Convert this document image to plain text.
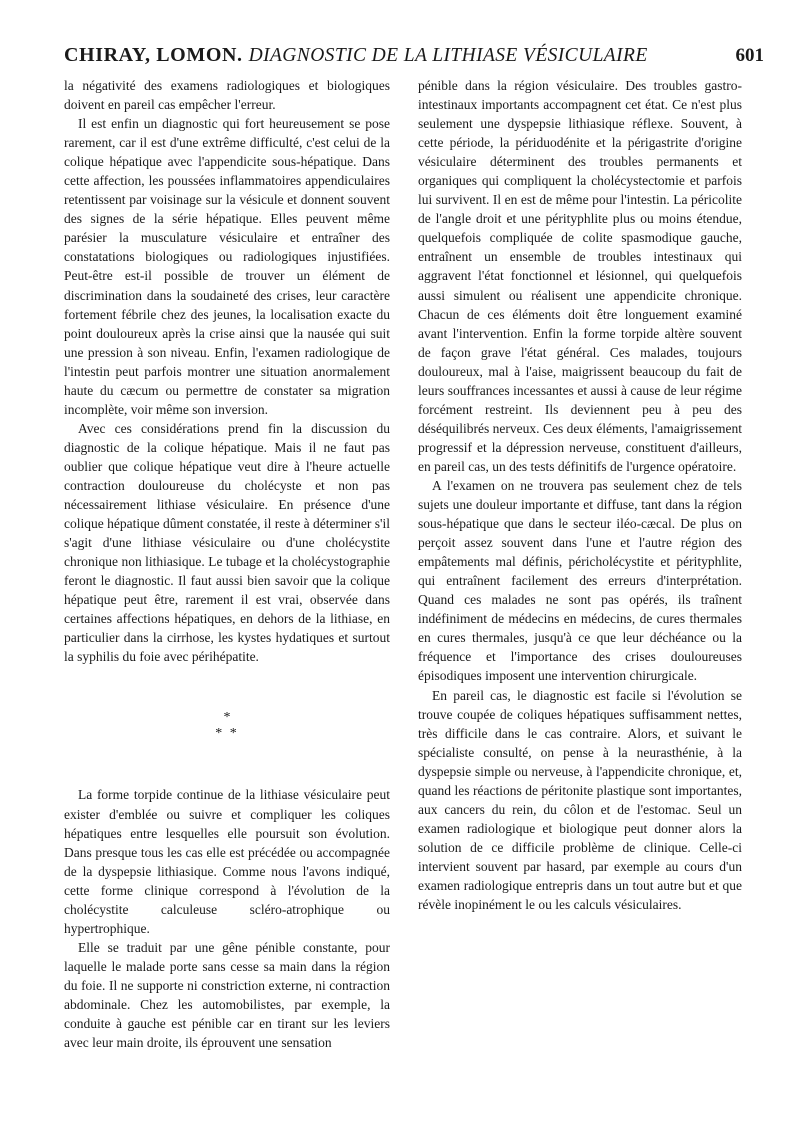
CHIRAY, LOMON. DIAGNOSTIC DE LA LITHIASE VÉSICULAIRE	601

la négativité des examens radiologiques et biologiques doivent en pareil cas empêcher l'erreur.

Il est enfin un diagnostic qui fort heureusement se pose rarement, car il est d'une extrême difficulté, c'est celui de la colique hépatique avec l'appendicite sous-hépatique. Dans cette affection, les poussées inflammatoires appendiculaires retentissent par voisinage sur la vésicule et donnent souvent des signes de la série hépatique. Elles peuvent même parésier la musculature vésiculaire et entraîner des constatations biologiques ou radiologiques injustifiées. Peut-être est-il possible de trouver un élément de discrimination dans la soudaineté des crises, leur caractère fortement fébrile chez des jeunes, la localisation exacte du point douloureux après la crise ainsi que la nausée qui suit une pression à son niveau. Enfin, l'examen radiologique de l'intestin peut parfois montrer une situation anormalement haute du cæcum ou permettre de constater sa migration incomplète, voir même son inversion.

Avec ces considérations prend fin la discussion du diagnostic de la colique hépatique. Mais il ne faut pas oublier que colique hépatique veut dire à l'heure actuelle contraction douloureuse du cholécyste et non pas nécessairement lithiase vésiculaire. En présence d'une colique hépatique dûment constatée, il reste à déterminer s'il s'agit d'une lithiase vésiculaire ou d'une cholécystite chronique non lithiasique. Le tubage et la cholécystographie feront le diagnostic. Il faut aussi bien savoir que la colique hépatique peut être, rarement il est vrai, observée dans certaines affections hépatiques, en dehors de la lithiase, en particulier dans la cirrhose, les kystes hydatiques et surtout la syphilis du foie avec périhépatite.

*
* *

La forme torpide continue de la lithiase vésiculaire peut exister d'emblée ou suivre et compliquer les coliques hépatiques entre lesquelles elle poursuit son évolution. Dans presque tous les cas elle est précédée ou accompagnée de la dyspepsie lithiasique. Comme nous l'avons indiqué, cette forme clinique correspond à l'évolution de la cholécystite calculeuse scléro-atrophique ou hypertrophique.

Elle se traduit par une gêne pénible constante, pour laquelle le malade porte sans cesse sa main dans la région du foie. Il ne supporte ni constriction externe, ni contraction abdominale. Chez les automobilistes, par exemple, la conduite à gauche est pénible car en tirant sur les leviers avec leur main droite, ils éprouvent une sensation

pénible dans la région vésiculaire. Des troubles gastro-intestinaux importants accompagnent cet état. Ce n'est plus seulement une dyspepsie lithiasique réflexe. Souvent, à cette période, la périduodénite et la périgastrite d'origine vésiculaire déterminent des troubles permanents et organiques qui compliquent la cholécystectomie et parfois lui survivent. Il en est de même pour l'intestin. La péricolite de l'angle droit et une pérityphlite plus ou moins étendue, quelquefois compliquée de colite spasmodique gauche, entraînent un ensemble de troubles intestinaux qui aggravent l'état fonctionnel et lésionnel, qui quelquefois aussi simulent ou réalisent une appendicite chronique. Chacun de ces éléments doit être longuement examiné avant l'intervention. Enfin la forme torpide altère souvent de façon grave l'état général. Ces malades, toujours douloureux, mal à l'aise, maigrissent beaucoup du fait de leurs souffrances incessantes et aussi à cause de leur régime forcément restreint. Ils deviennent peu à peu des déséquilibrés nerveux. Ces deux éléments, l'amaigrissement progressif et la dépression nerveuse, constituent d'ailleurs, en pareil cas, un des tests définitifs de l'urgence opératoire.

A l'examen on ne trouvera pas seulement chez de tels sujets une douleur importante et diffuse, tant dans la région sous-hépatique que dans le secteur iléo-cæcal. De plus on perçoit assez souvent dans l'une et l'autre région des empâtements mal définis, péricholécystite et pérityphlite, qui entraînent facilement des erreurs d'interprétation. Quand ces malades ne sont pas opérés, ils traînent indéfiniment de médecins en médecins, de cures thermales en cures thermales, jusqu'à ce que leur déchéance ou la fréquence et l'importance des crises douloureuses épisodiques imposent une intervention chirurgicale.

En pareil cas, le diagnostic est facile si l'évolution se trouve coupée de coliques hépatiques suffisamment nettes, très difficile dans le cas contraire. Alors, et suivant le spécialiste consulté, on pense à la neurasthénie, à la dyspepsie simple ou nerveuse, à l'appendicite chronique, et, quand les réactions de péritonite plastique sont importantes, aux cancers du rein, du côlon et de l'estomac. Seul un examen radiologique et biologique peut donner alors la solution de ce difficile problème de clinique. Celle-ci intervient souvent par hasard, par exemple au cours d'un examen radiologique entrepris dans un tout autre but et que révèle inopinément le ou les calculs vésiculaires.
